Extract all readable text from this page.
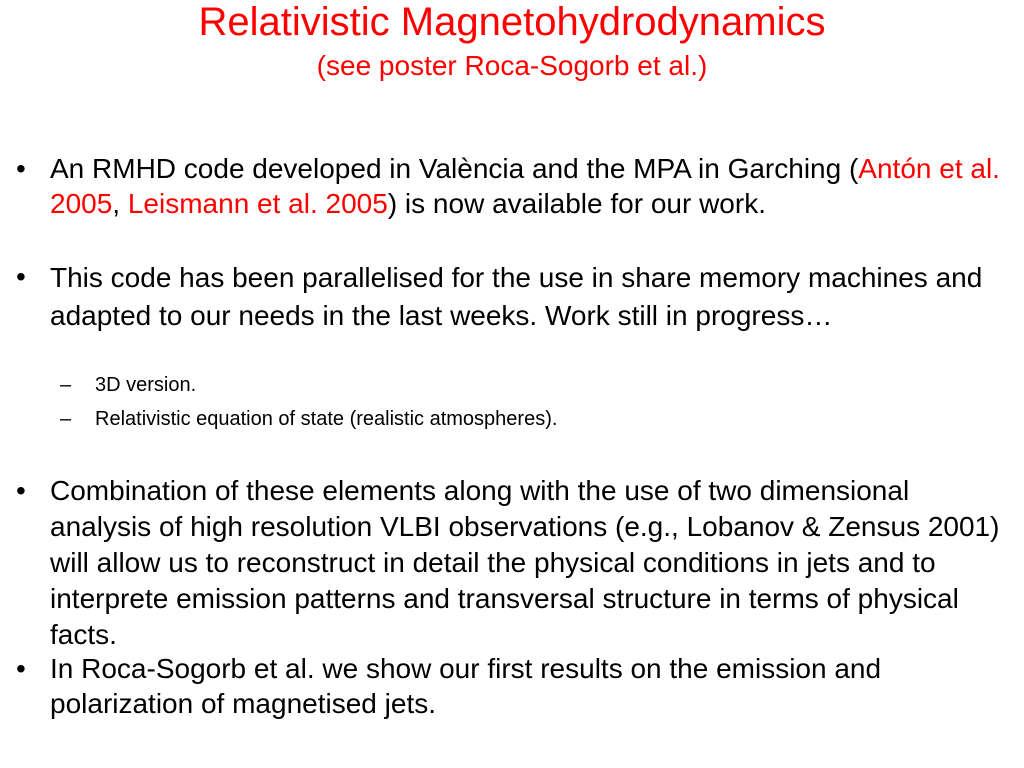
Relativistic Magnetohydrodynamics
(see poster Roca-Sogorb et al.)
• An RMHD code developed in València and the MPA in Garching (Antón et al. 2005, Leismann et al. 2005) is now available for our work.
• This code has been parallelised for the use in share memory machines and adapted to our needs in the last weeks. Work still in progress…
–	3D version.
–	Relativistic equation of state (realistic atmospheres).
• Combination of these elements along with the use of two dimensional analysis of high resolution VLBI observations (e.g., Lobanov & Zensus 2001) will allow us to reconstruct in detail the physical conditions in jets and to interprete emission patterns and transversal structure in terms of physical facts.
• In Roca-Sogorb et al. we show our first results on the emission and polarization of magnetised jets.
